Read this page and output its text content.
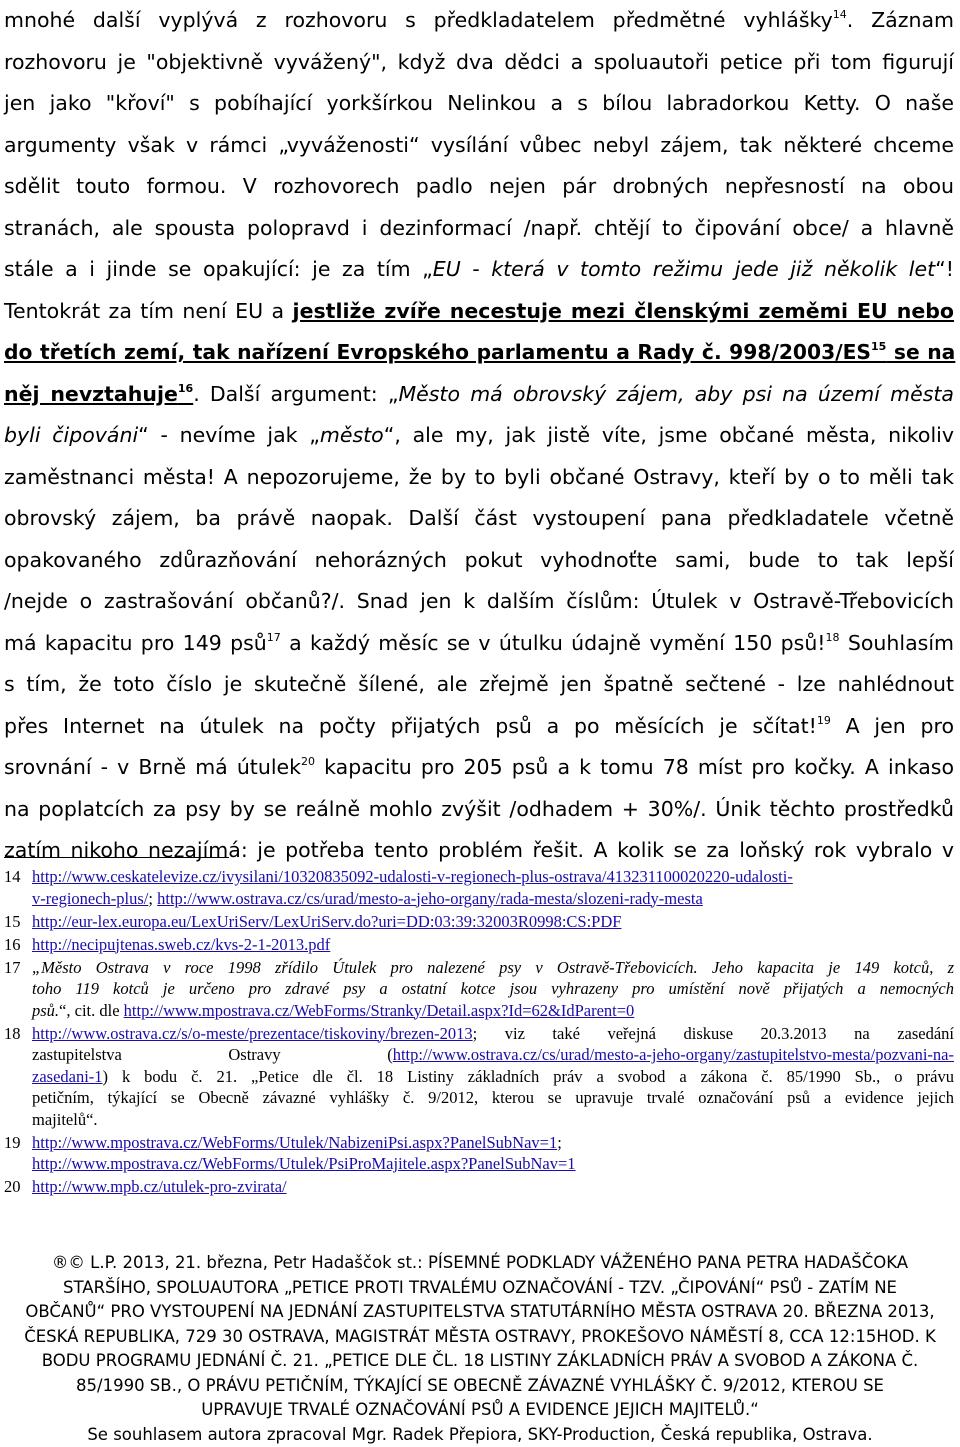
mnohé další vyplývá z rozhovoru s předkladatelem předmětné vyhlášky$^{14}$. Záznam
rozhovoru je "objektivně vyvážený", když dva dědci a spoluautoři petice při tom figurují
jen jako "křoví" s pobíhající yorkšírkou Nelinkou a s bílou labradorkou Ketty. O naše
argumenty však v rámci „vyváženosti“ vysílání vůbec nebyl zájem, tak některé chceme
sdělit touto formou. V rozhovorech padlo nejen pár drobných nepřesností na obou
stranách, ale spousta polopravd i dezinformací /např. chtějí to čipování obce/ a hlavně
stále a i jinde se opakující: je za tím „EU - která v tomto režimu jede již několik let“!
Tentokrát za tím není EU a jestliže zvíře necestuje mezi členskými zeměmi EU nebo
do třetích zemí, tak nařízení Evropského parlamentu a Rady č. 998/2003/ES$^{15}$ se na
něj nevztahuje$^{16}$. Další argument: „Město má obrovský zájem, aby psi na území města
byli čipováni“ - nevíme jak „město“, ale my, jak jistě víte, jsme občané města, nikoliv
zaměstnanci města! A nepozorujeme, že by to byli občané Ostravy, kteří by o to měli tak
obrovský zájem, ba právě naopak. Další část vystoupení pana předkladatele včetně
opakovaného zdůrazňování nehorázných pokut vyhodnoťte sami, bude to tak lepší
/nejde o zastrašování občanů?/. Snad jen k dalším číslům: Útulek v Ostravě-Třebovicích
má kapacitu pro 149 psů$^{17}$ a každý měsíc se v útulku údajně vymění 150 psů!$^{18}$ Souhlasím
s tím, že toto číslo je skutečně šílené, ale zřejmě jen špatně sečtené - lze nahlédnout
přes Internet na útulek na počty přijatých psů a po měsících je sčítat!$^{19}$ A jen pro
srovnání - v Brně má útulek$^{20}$ kapacitu pro 205 psů a k tomu 78 míst pro kočky. A inkaso
na poplatcích za psy by se reálně mohlo zvýšit /odhadem + 30%/. Únik těchto prostředků
zatím nikoho nezajímá: je potřeba tento problém řešit. A kolik se za loňský rok vybralo v
14 http://www.ceskatelevize.cz/ivysilani/10320835092-udalosti-v-regionech-plus-ostrava/413231100020220-udalosti-
v-regionech-plus/; http://www.ostrava.cz/cs/urad/mesto-a-jeho-organy/rada-mesta/slozeni-rady-mesta
15 http://eur-lex.europa.eu/LexUriServ/LexUriServ.do?uri=DD:03:39:32003R0998:CS:PDF
16 http://necipujtenas.sweb.cz/kvs-2-1-2013.pdf
17 „Město Ostrava v roce 1998 zřídilo Útulek pro nalezené psy v Ostravě-Třebovicích. Jeho kapacita je 149 kotců, z
toho 119 kotců je určeno pro zdravé psy a ostatní kotce jsou vyhrazeny pro umístění nově přijatých a nemocných
psů.“, cit. dle http://www.mpostrava.cz/WebForms/Stranky/Detail.aspx?Id=62&IdParent=0
18 http://www.ostrava.cz/s/o-meste/prezentace/tiskoviny/brezen-2013; viz také veřejná diskuse 20.3.2013 na zasedání
zastupitelstva Ostravy (http://www.ostrava.cz/cs/urad/mesto-a-jeho-organy/zastupitelstvo-mesta/pozvani-na-
zasedani-1) k bodu č. 21. „Petice dle čl. 18 Listiny základních práv a svobod a zákona č. 85/1990 Sb., o právu
petičním, týkající se Obecně závazné vyhlášky č. 9/2012, kterou se upravuje trvalé označování psů a evidence jejich
majitelů“.
19 http://www.mpostrava.cz/WebForms/Utulek/NabizeniPsi.aspx?PanelSubNav=1;
http://www.mpostrava.cz/WebForms/Utulek/PsiProMajitele.aspx?PanelSubNav=1
20 http://www.mpb.cz/utulek-pro-zvirata/
®© L.P. 2013, 21. března, Petr Hadaščok st.: PÍSEMNÉ PODKLADY VÁŽENÉHO PANA PETRA HADAŠČOKA
STARŠÍHO, SPOLUAUTORA „PETICE PROTI TRVALÉMU OZNAČOVÁNÍ - TZV. „ČIPOVÁNÍ“ PSŮ - ZATÍM NE
OBČANŮ“ PRO VYSTOUPENÍ NA JEDNÁNÍ ZASTUPITELSTVA STATUTÁRNÍHO MĚSTA OSTRAVA 20. BŘEZNA 2013,
ČESKÁ REPUBLIKA, 729 30 OSTRAVA, MAGISTRÁT MĚSTA OSTRAVY, PROKEŠOVO NÁMĚSTÍ 8, CCA 12:15HOD. K
BODU PROGRAMU JEDNÁNÍ Č. 21. „PETICE DLE ČL. 18 LISTINY ZÁKLADNÍCH PRÁV A SVOBOD A ZÁKONA Č.
85/1990 SB., O PRÁVU PETIČNÍM, TÝKAJÍCÍ SE OBECNĚ ZÁVAZNÉ VYHLÁŠKY Č. 9/2012, KTEROU SE
UPRAVUJE TRVALÉ OZNAČOVÁNÍ PSŮ A EVIDENCE JEJICH MAJITELŮ.“
Se souhlasem autora zpracoval Mgr. Radek Přepiora, SKY-Production, Česká republika, Ostrava.
